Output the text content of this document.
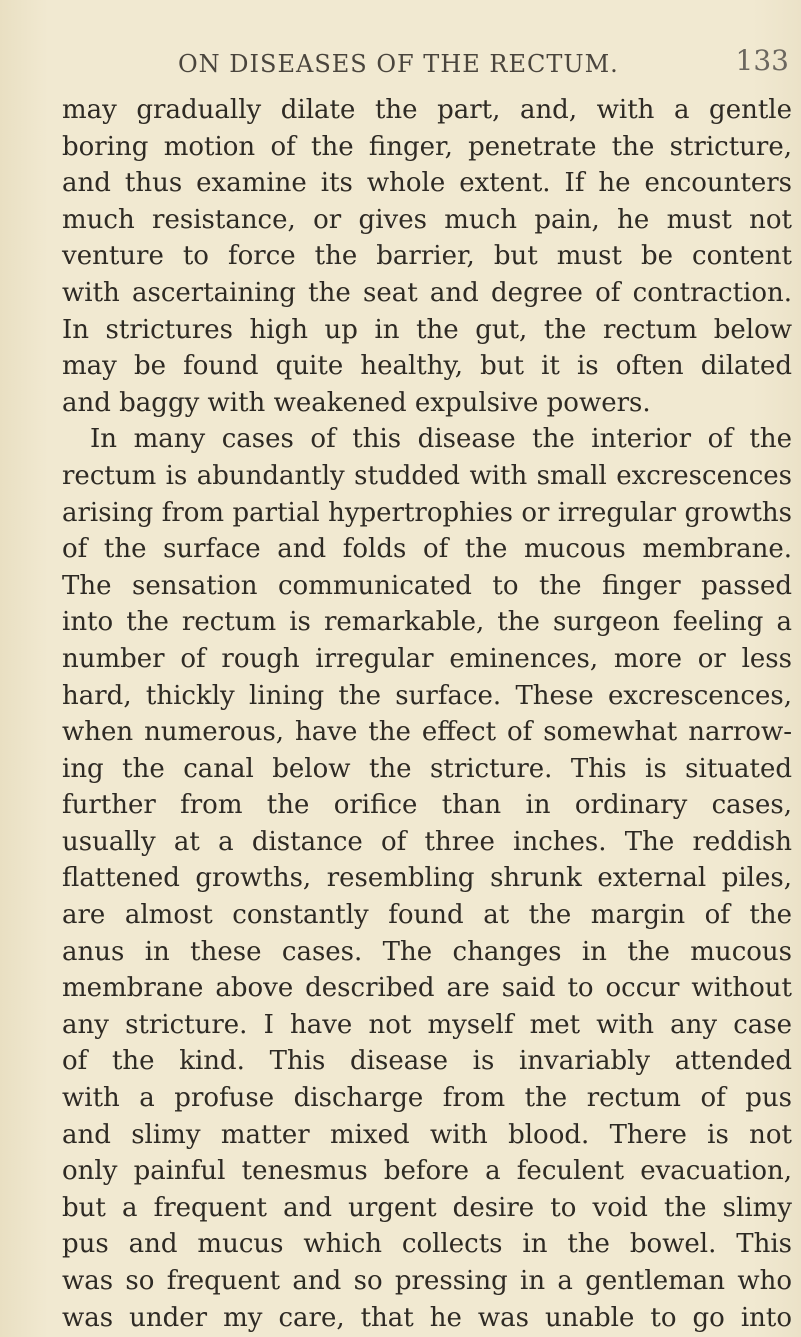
ON DISEASES OF THE RECTUM.	133
may gradually dilate the part, and, with a gentle
boring motion of the finger, penetrate the stricture,
and thus examine its whole extent. If he encounters
much resistance, or gives much pain, he must not
venture to force the barrier, but must be content
with ascertaining the seat and degree of contraction.
In strictures high up in the gut, the rectum below
may be found quite healthy, but it is often dilated
and baggy with weakened expulsive powers.
In many cases of this disease the interior of the
rectum is abundantly studded with small excrescences
arising from partial hypertrophies or irregular growths
of the surface and folds of the mucous membrane.
The sensation communicated to the finger passed
into the rectum is remarkable, the surgeon feeling a
number of rough irregular eminences, more or less
hard, thickly lining the surface. These excrescences,
when numerous, have the effect of somewhat narrow-
ing the canal below the stricture. This is situated
further from the orifice than in ordinary cases,
usually at a distance of three inches. The reddish
flattened growths, resembling shrunk external piles,
are almost constantly found at the margin of the
anus in these cases. The changes in the mucous
membrane above described are said to occur without
any stricture. I have not myself met with any case
of the kind. This disease is invariably attended
with a profuse discharge from the rectum of pus
and slimy matter mixed with blood. There is not
only painful tenesmus before a feculent evacuation,
but a frequent and urgent desire to void the slimy
pus and mucus which collects in the bowel. This
was so frequent and so pressing in a gentleman who
was under my care, that he was unable to go into
